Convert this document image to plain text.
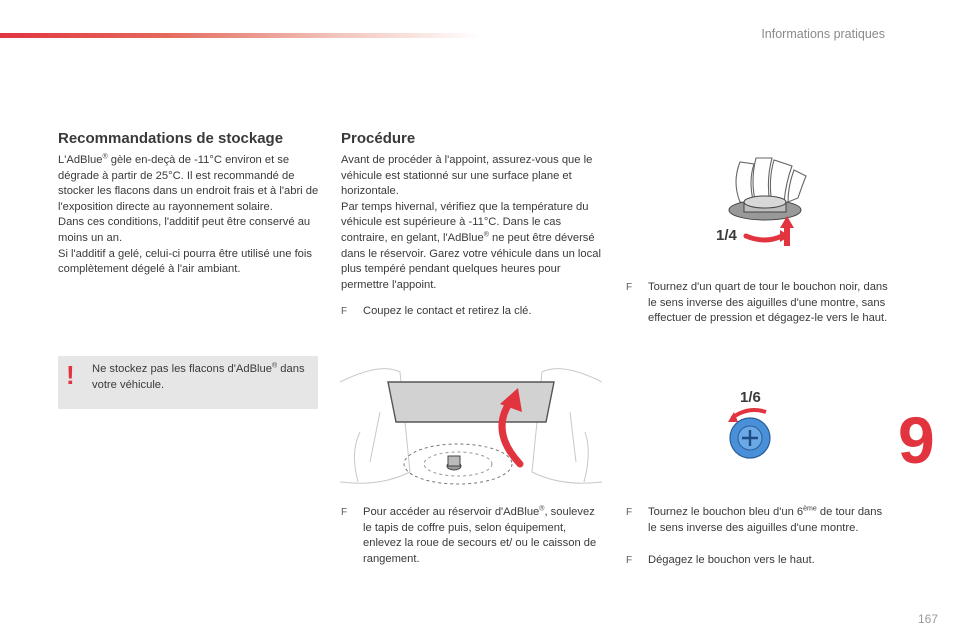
Informations pratiques
Recommandations de stockage

L'AdBlue® gèle en-deçà de -11°C environ et se dégrade à partir de 25°C. Il est recommandé de stocker les flacons dans un endroit frais et à l'abri de l'exposition directe au rayonnement solaire.

Dans ces conditions, l'additif peut être conservé au moins un an.

Si l'additif a gelé, celui-ci pourra être utilisé une fois complètement dégelé à l'air ambiant.

! Ne stockez pas les flacons d'AdBlue® dans votre véhicule.
Procédure

Avant de procéder à l'appoint, assurez-vous que le véhicule est stationné sur une surface plane et horizontale.

Par temps hivernal, vérifiez que la température du véhicule est supérieure à -11°C. Dans le cas contraire, en gelant, l'AdBlue® ne peut être déversé dans le réservoir. Garez votre véhicule dans un local plus tempéré pendant quelques heures pour permettre l'appoint.

F Coupez le contact et retirez la clé.

F Pour accéder au réservoir d'AdBlue®, soulevez le tapis de coffre puis, selon équipement, enlevez la roue de secours et/ ou le caisson de rangement.

1/4
F Tournez d'un quart de tour le bouchon noir, dans le sens inverse des aiguilles d'une montre, sans effectuer de pression et dégagez-le vers le haut.

1/6
F Tournez le bouchon bleu d'un 6ème de tour dans le sens inverse des aiguilles d'une montre.

F Dégagez le bouchon vers le haut.

9
167
